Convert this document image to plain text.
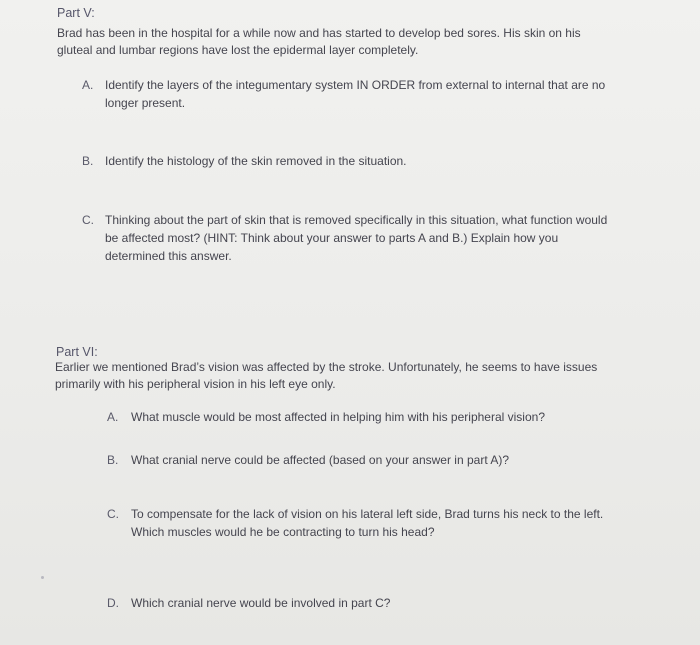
Part V:
Brad has been in the hospital for a while now and has started to develop bed sores. His skin on his
gluteal and lumbar regions have lost the epidermal layer completely.
A. Identify the layers of the integumentary system IN ORDER from external to internal that are no
longer present.
B. Identify the histology of the skin removed in the situation.
C. Thinking about the part of skin that is removed specifically in this situation, what function would
be affected most? (HINT: Think about your answer to parts A and B.) Explain how you
determined this answer.
Part VI:
Earlier we mentioned Brad’s vision was affected by the stroke. Unfortunately, he seems to have issues
primarily with his peripheral vision in his left eye only.
A. What muscle would be most affected in helping him with his peripheral vision?
B. What cranial nerve could be affected (based on your answer in part A)?
C. To compensate for the lack of vision on his lateral left side, Brad turns his neck to the left.
Which muscles would he be contracting to turn his head?
D. Which cranial nerve would be involved in part C?
